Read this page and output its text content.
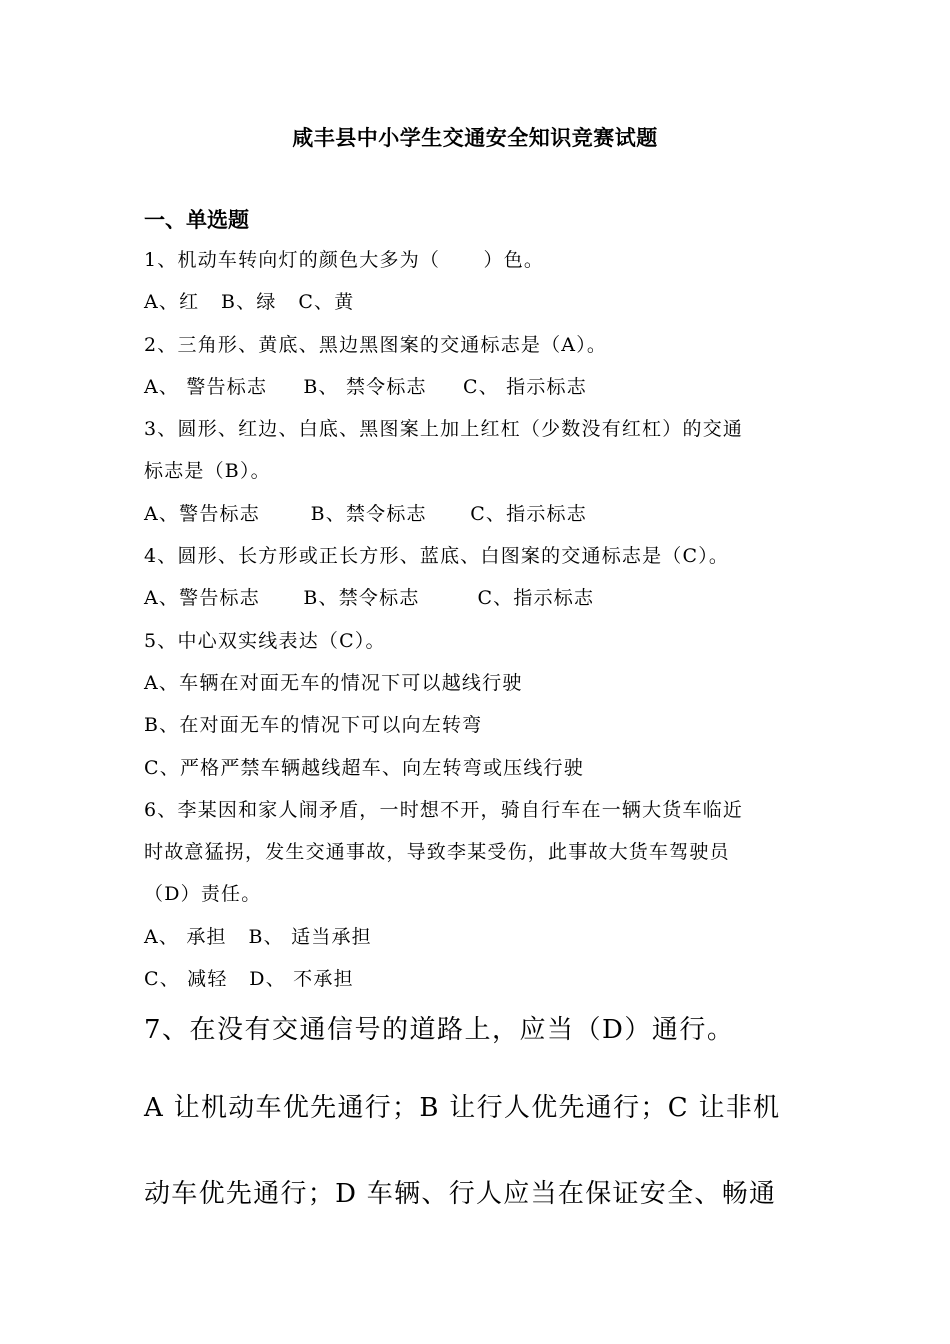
咸丰县中小学生交通安全知识竞赛试题
一、单选题
1、机动车转向灯的颜色大多为（      ）色。
A、红   B、绿   C、黄
2、三角形、黄底、黑边黑图案的交通标志是（A）。
A、 警告标志     B、 禁令标志     C、 指示标志
3、圆形、红边、白底、黑图案上加上红杠（少数没有红杠）的交通
标志是（B）。
A、警告标志       B、禁令标志      C、指示标志
4、圆形、长方形或正长方形、蓝底、白图案的交通标志是（C）。
A、警告标志      B、禁令标志        C、指示标志
5、中心双实线表达（C）。
A、车辆在对面无车的情况下可以越线行驶
B、在对面无车的情况下可以向左转弯
C、严格严禁车辆越线超车、向左转弯或压线行驶
6、李某因和家人闹矛盾，一时想不开，骑自行车在一辆大货车临近
时故意猛拐，发生交通事故，导致李某受伤，此事故大货车驾驶员
（D）责任。
A、 承担   B、 适当承担
C、 减轻   D、 不承担
7、在没有交通信号的道路上，应当（D）通行。
A 让机动车优先通行；B 让行人优先通行；C 让非机
动车优先通行；D 车辆、行人应当在保证安全、畅通
